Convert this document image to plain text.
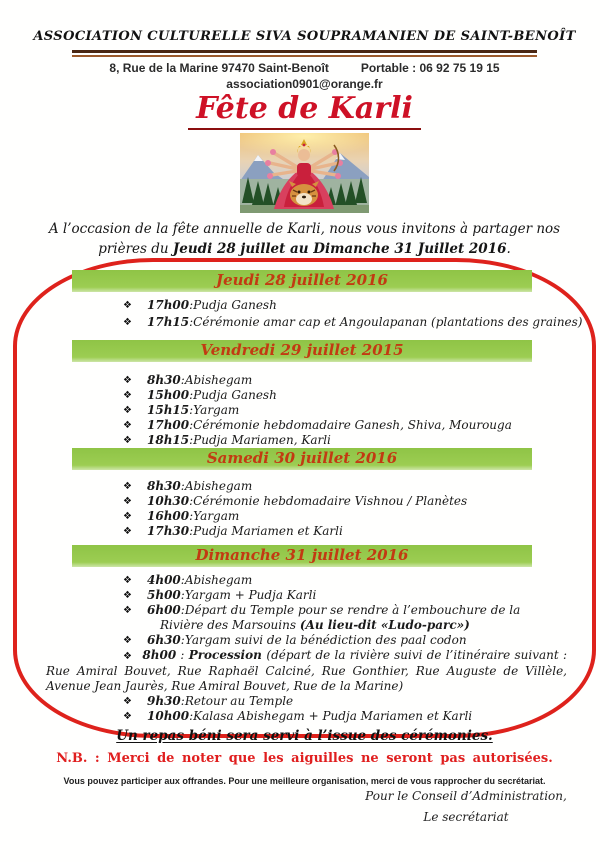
ASSOCIATION CULTURELLE SIVA SOUPRAMANIEN DE SAINT-BENOÎT
8, Rue de la Marine 97470 Saint-Benoît	Portable : 06 92 75 19 15
association0901@orange.fr
Fête de Karli
A l’occasion de la fête annuelle de Karli, nous vous invitons à partager nos
prières du Jeudi 28 juillet au Dimanche 31 Juillet 2016.
Jeudi 28 juillet 2016
❖	17h00 : Pudja Ganesh
❖	17h15 : Cérémonie amar cap et Angoulapanan (plantations des graines)
Vendredi 29 juillet 2015
❖	8h30 : Abishegam
❖	15h00 : Pudja Ganesh
❖	15h15 : Yargam
❖	17h00 : Cérémonie hebdomadaire Ganesh, Shiva, Mourouga
❖	18h15 : Pudja Mariamen, Karli
Samedi 30 juillet 2016
❖	8h30 : Abishegam
❖	10h30 : Cérémonie hebdomadaire Vishnou / Planètes
❖	16h00 : Yargam
❖	17h30 : Pudja Mariamen et Karli
Dimanche 31 juillet 2016
❖	4h00 : Abishegam
❖	5h00 : Yargam + Pudja Karli
❖	6h00 : Départ du Temple pour se rendre à l’embouchure de la
Rivière des Marsouins (Au lieu-dit «Ludo-parc»)
❖	6h30 : Yargam suivi de la bénédiction des paal codon
❖ 8h00 : Procession (départ de la rivière suivi de l’itinéraire suivant : Rue Amiral Bouvet, Rue Raphaël Calciné, Rue Gonthier, Rue Auguste de Villèle, Avenue Jean Jaurès, Rue Amiral Bouvet, Rue de la Marine)
❖	9h30 : Retour au Temple
❖	10h00 : Kalasa Abishegam + Pudja Mariamen et Karli
Un repas béni sera servi à l’issue des cérémonies.
N.B. : Merci de noter que les aiguilles ne seront pas autorisées.
Vous pouvez participer aux offrandes. Pour une meilleure organisation, merci de vous rapprocher du secrétariat.
Pour le Conseil d’Administration,
Le secrétariat
